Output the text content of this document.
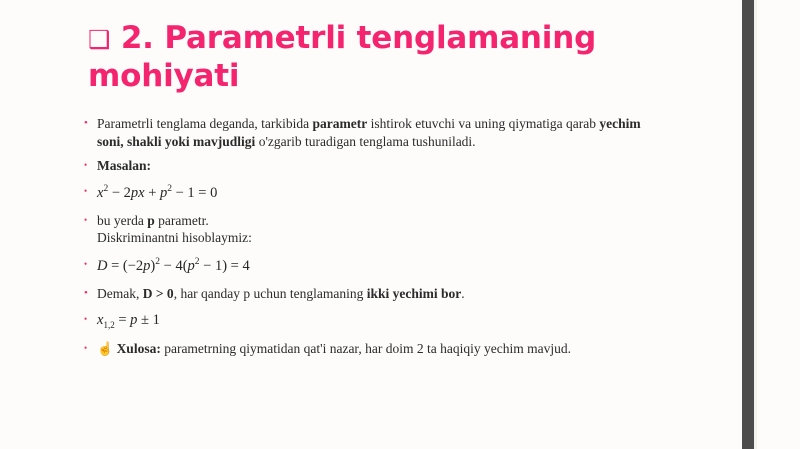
❑ 2. Parametrli tenglamaning mohiyati
• Parametrli tenglama deganda, tarkibida parametr ishtirok etuvchi va uning qiymatiga qarab yechim soni, shakli yoki mavjudligi o'zgarib turadigan tenglama tushuniladi.
• Masalan:
• $x^2 - 2px + p^2 - 1 = 0$
• bu yerda p parametr.
Diskriminantni hisoblaymiz:
• $D = (-2p)^2 - 4(p^2 - 1) = 4$
• Demak, D > 0, har qanday p uchun tenglamaning ikki yechimi bor.
• $x_{1,2} = p \pm 1$
• ☝ Xulosa: parametrning qiymatidan qat'i nazar, har doim 2 ta haqiqiy yechim mavjud.
